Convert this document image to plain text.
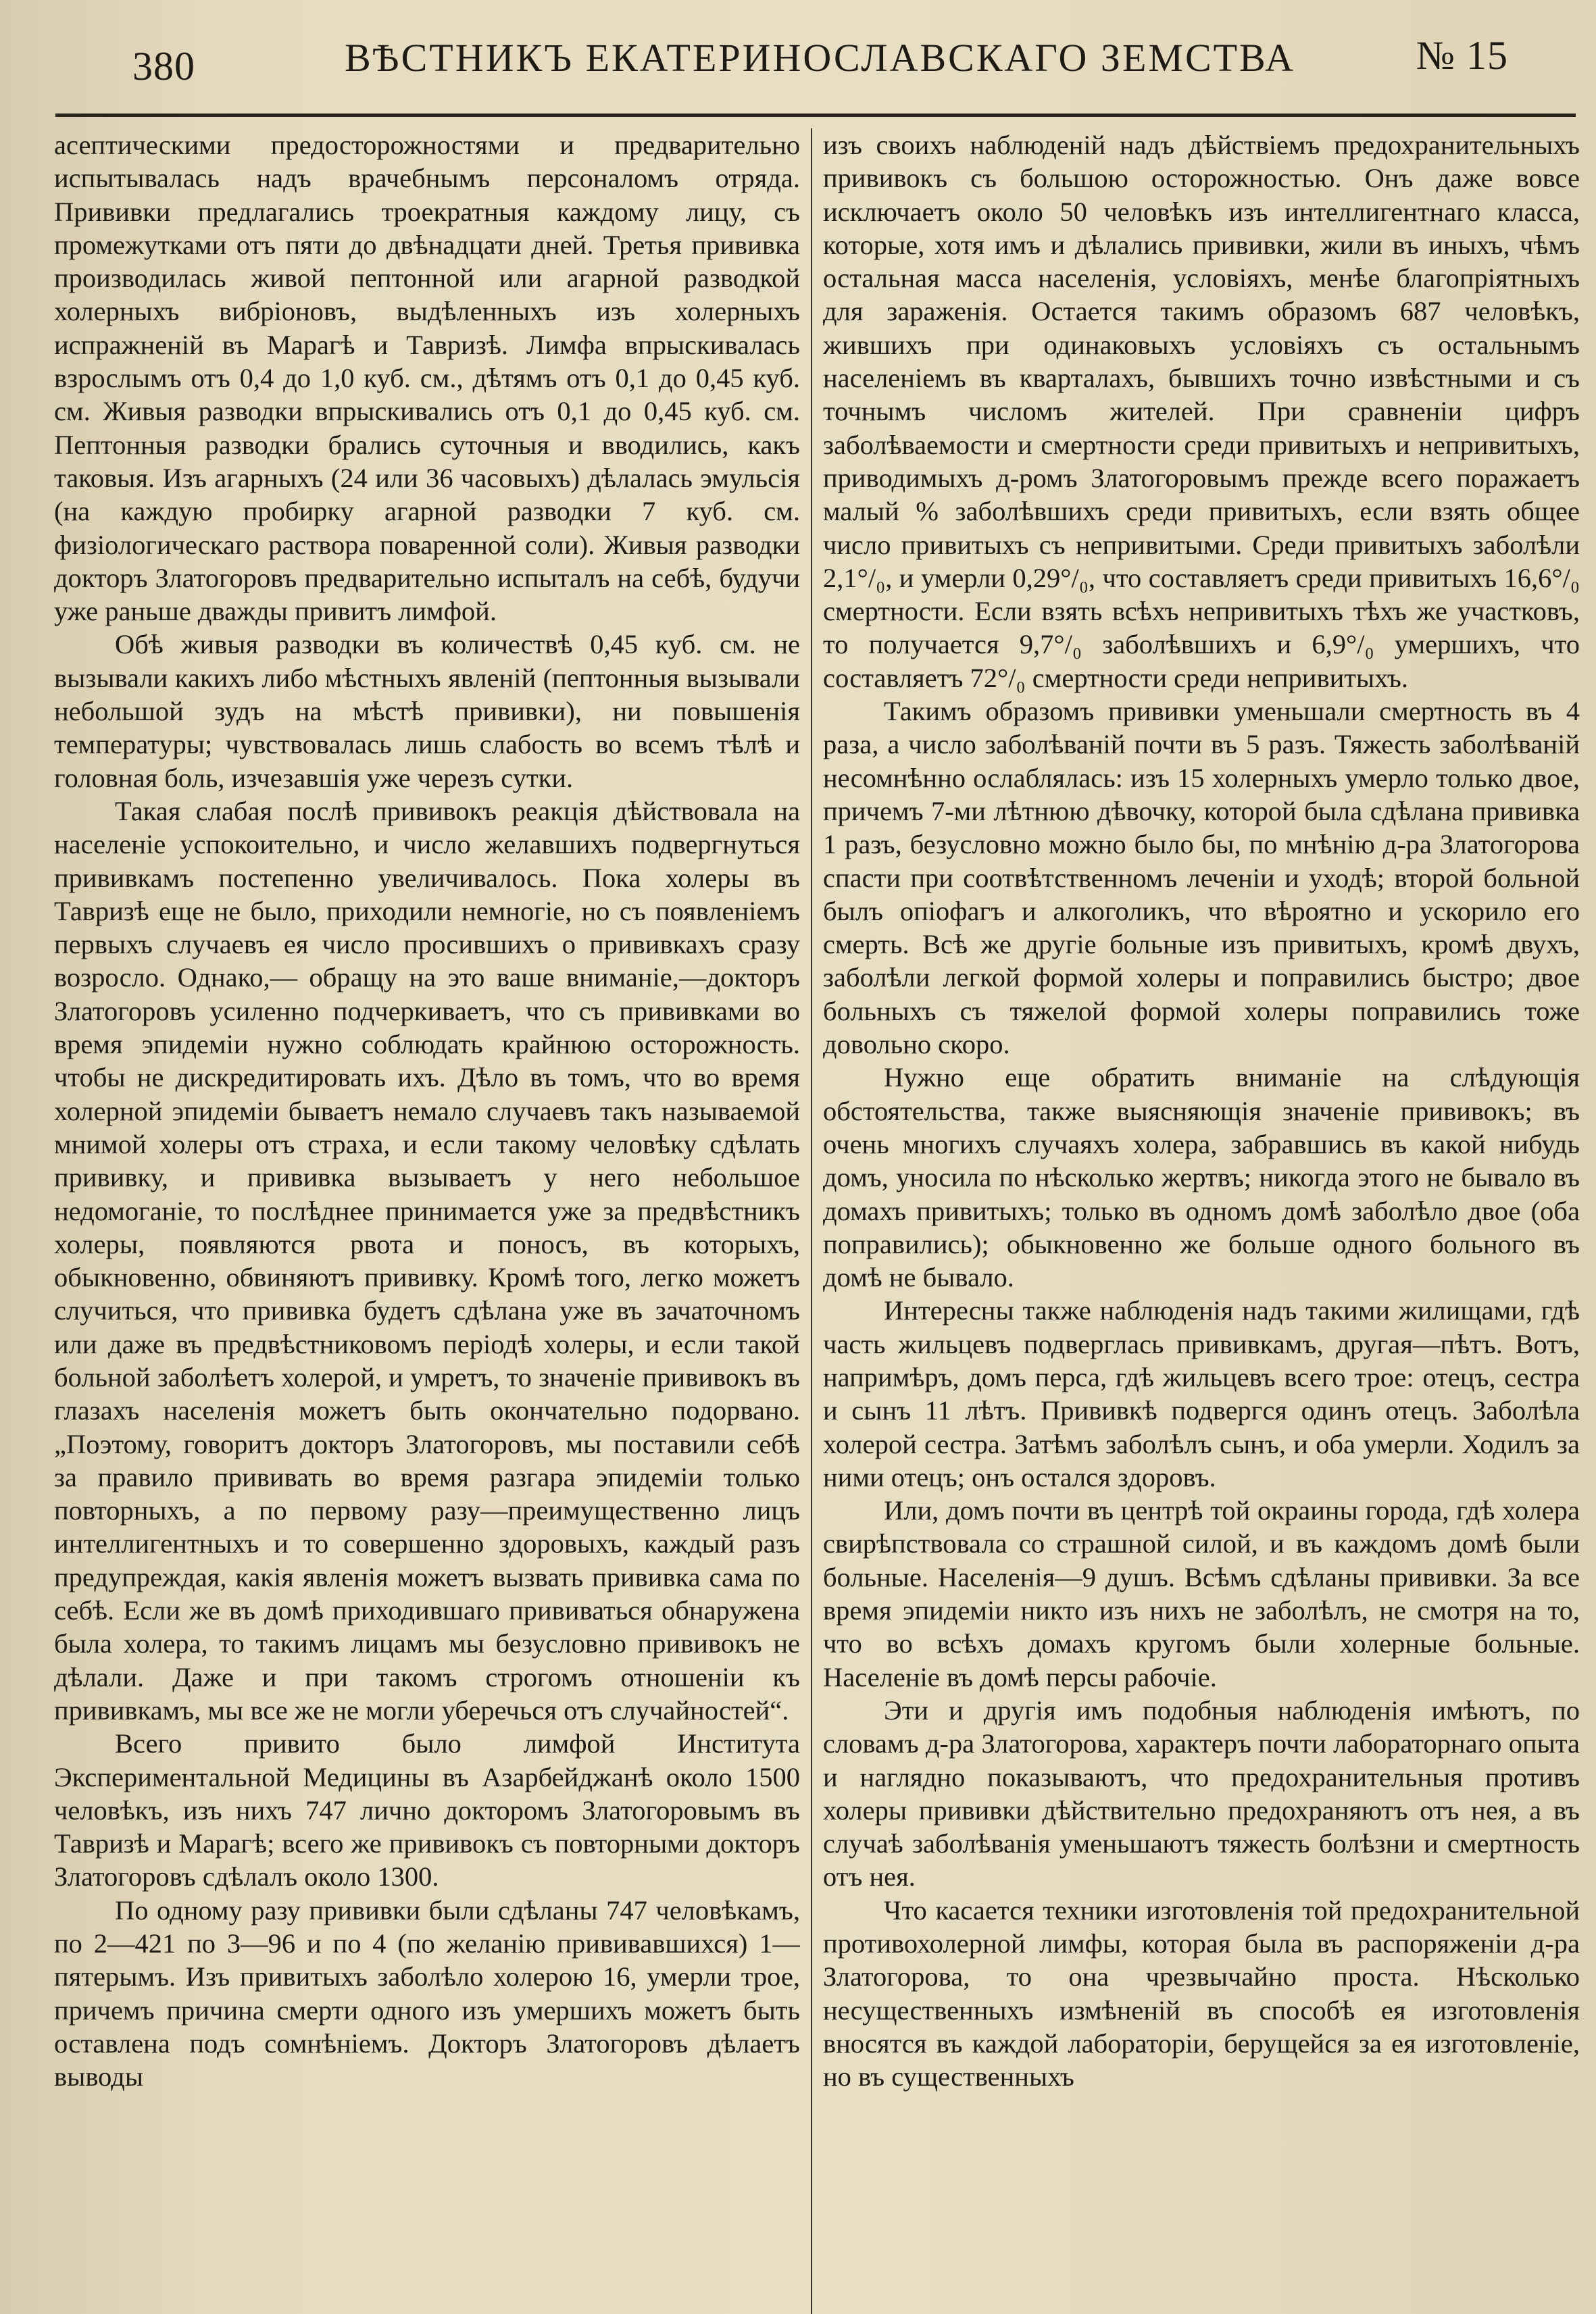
380	ВѢСТНИКЪ ЕКАТЕРИНОСЛАВСКАГО ЗЕМСТВА	№ 15

асептическими предосторожностями и предварительно испытывалась надъ врачебнымъ персоналомъ отряда. Прививки предлагались троекратныя каждому лицу, съ промежутками отъ пяти до двѣнадцати дней. Третья прививка производилась живой пептонной или агарной разводкой холерныхъ вибріоновъ, выдѣленныхъ изъ холерныхъ испражненій въ Марагѣ и Тавризѣ. Лимфа впрыскивалась взрослымъ отъ 0,4 до 1,0 куб. см., дѣтямъ отъ 0,1 до 0,45 куб. см. Живыя разводки впрыскивались отъ 0,1 до 0,45 куб. см. Пептонныя разводки брались суточныя и вводились, какъ таковыя. Изъ агарныхъ (24 или 36 часовыхъ) дѣлалась эмульсія (на каждую пробирку агарной разводки 7 куб. см. физіологическаго раствора поваренной соли). Живыя разводки докторъ Златогоровъ предварительно испыталъ на себѣ, будучи уже раньше дважды привитъ лимфой.

Обѣ живыя разводки въ количествѣ 0,45 куб. см. не вызывали какихъ либо мѣстныхъ явленій (пептонныя вызывали небольшой зудъ на мѣстѣ прививки), ни повышенія температуры; чувствовалась лишь слабость во всемъ тѣлѣ и головная боль, изчезавшія уже черезъ сутки.

Такая слабая послѣ прививокъ реакція дѣйствовала на населеніе успокоительно, и число желавшихъ подвергнуться прививкамъ постепенно увеличивалось. Пока холеры въ Тавризѣ еще не было, приходили немногіе, но съ появленіемъ первыхъ случаевъ ея число просившихъ о прививкахъ сразу возросло. Однако,— обращу на это ваше вниманіе,—докторъ Златогоровъ усиленно подчеркиваетъ, что съ прививками во время эпидеміи нужно соблюдать крайнюю осторожность. чтобы не дискредитировать ихъ. Дѣло въ томъ, что во время холерной эпидеміи бываетъ немало случаевъ такъ называемой мнимой холеры отъ страха, и если такому человѣку сдѣлать прививку, и прививка вызываетъ у него небольшое недомоганіе, то послѣднее принимается уже за предвѣстникъ холеры, появляются рвота и поносъ, въ которыхъ, обыкновенно, обвиняютъ прививку. Кромѣ того, легко можетъ случиться, что прививка будетъ сдѣлана уже въ зачаточномъ или даже въ предвѣстниковомъ періодѣ холеры, и если такой больной заболѣетъ холерой, и умретъ, то значеніе прививокъ въ глазахъ населенія можетъ быть окончательно подорвано. „Поэтому, говоритъ докторъ Златогоровъ, мы поставили себѣ за правило прививать во время разгара эпидеміи только повторныхъ, а по первому разу—преимущественно лицъ интеллигентныхъ и то совершенно здоровыхъ, каждый разъ предупреждая, какія явленія можетъ вызвать прививка сама по себѣ. Если же въ домѣ приходившаго прививаться обнаружена была холера, то такимъ лицамъ мы безусловно прививокъ не дѣлали. Даже и при такомъ строгомъ отношеніи къ прививкамъ, мы все же не могли уберечься отъ случайностей“.

Всего привито было лимфой Института Экспериментальной Медицины въ Азарбейджанѣ около 1500 человѣкъ, изъ нихъ 747 лично докторомъ Златогоровымъ въ Тавризѣ и Марагѣ; всего же прививокъ съ повторными докторъ Златогоровъ сдѣлалъ около 1300.

По одному разу прививки были сдѣланы 747 человѣкамъ, по 2—421 по 3—96 и по 4 (по желанію прививавшихся) 1—пятерымъ. Изъ привитыхъ заболѣло холерою 16, умерли трое, причемъ причина смерти одного изъ умершихъ можетъ быть оставлена подъ сомнѣніемъ. Докторъ Златогоровъ дѣлаетъ выводы

изъ своихъ наблюденій надъ дѣйствіемъ предохранительныхъ прививокъ съ большою осторожностью. Онъ даже вовсе исключаетъ около 50 человѣкъ изъ интеллигентнаго класса, которые, хотя имъ и дѣлались прививки, жили въ иныхъ, чѣмъ остальная масса населенія, условіяхъ, менѣе благопріятныхъ для зараженія. Остается такимъ образомъ 687 человѣкъ, жившихъ при одинаковыхъ условіяхъ съ остальнымъ населеніемъ въ кварталахъ, бывшихъ точно извѣстными и съ точнымъ числомъ жителей. При сравненіи цифръ заболѣваемости и смертности среди привитыхъ и непривитыхъ, приводимыхъ д-ромъ Златогоровымъ прежде всего поражаетъ малый % заболѣвшихъ среди привитыхъ, если взять общее число привитыхъ съ непривитыми. Среди привитыхъ заболѣли 2,1°/₀, и умерли 0,29°/₀, что составляетъ среди привитыхъ 16,6°/₀ смертности. Если взять всѣхъ непривитыхъ тѣхъ же участковъ, то получается 9,7°/₀ заболѣвшихъ и 6,9°/₀ умершихъ, что составляетъ 72°/₀ смертности среди непривитыхъ.

Такимъ образомъ прививки уменьшали смертность въ 4 раза, а число заболѣваній почти въ 5 разъ. Тяжесть заболѣваній несомнѣнно ослаблялась: изъ 15 холерныхъ умерло только двое, причемъ 7-ми лѣтнюю дѣвочку, которой была сдѣлана прививка 1 разъ, безусловно можно было бы, по мнѣнію д-ра Златогорова спасти при соотвѣтственномъ леченіи и уходѣ; второй больной былъ опіофагъ и алкоголикъ, что вѣроятно и ускорило его смерть. Всѣ же другіе больные изъ привитыхъ, кромѣ двухъ, заболѣли легкой формой холеры и поправились быстро; двое больныхъ съ тяжелой формой холеры поправились тоже довольно скоро.

Нужно еще обратить вниманіе на слѣдующія обстоятельства, также выясняющія значеніе прививокъ; въ очень многихъ случаяхъ холера, забравшись въ какой нибудь домъ, уносила по нѣсколько жертвъ; никогда этого не бывало въ домахъ привитыхъ; только въ одномъ домѣ заболѣло двое (оба поправились); обыкновенно же больше одного больного въ домѣ не бывало.

Интересны также наблюденія надъ такими жилищами, гдѣ часть жильцевъ подверглась прививкамъ, другая—пѣтъ. Вотъ, напримѣръ, домъ перса, гдѣ жильцевъ всего трое: отецъ, сестра и сынъ 11 лѣтъ. Прививкѣ подвергся одинъ отецъ. Заболѣла холерой сестра. Затѣмъ заболѣлъ сынъ, и оба умерли. Ходилъ за ними отецъ; онъ остался здоровъ.

Или, домъ почти въ центрѣ той окраины города, гдѣ холера свирѣпствовала со страшной силой, и въ каждомъ домѣ были больные. Населенія—9 душъ. Всѣмъ сдѣланы прививки. За все время эпидеміи никто изъ нихъ не заболѣлъ, не смотря на то, что во всѣхъ домахъ кругомъ были холерные больные. Населеніе въ домѣ персы рабочіе.

Эти и другія имъ подобныя наблюденія имѣютъ, по словамъ д-ра Златогорова, характеръ почти лабораторнаго опыта и наглядно показываютъ, что предохранительныя противъ холеры прививки дѣйствительно предохраняютъ отъ нея, а въ случаѣ заболѣванія уменьшаютъ тяжесть болѣзни и смертность отъ нея.

Что касается техники изготовленія той предохранительной противохолерной лимфы, которая была въ распоряженіи д-ра Златогорова, то она чрезвычайно проста. Нѣсколько несущественныхъ измѣненій въ способѣ ея изготовленія вносятся въ каждой лабораторіи, берущейся за ея изготовленіе, но въ существенныхъ
